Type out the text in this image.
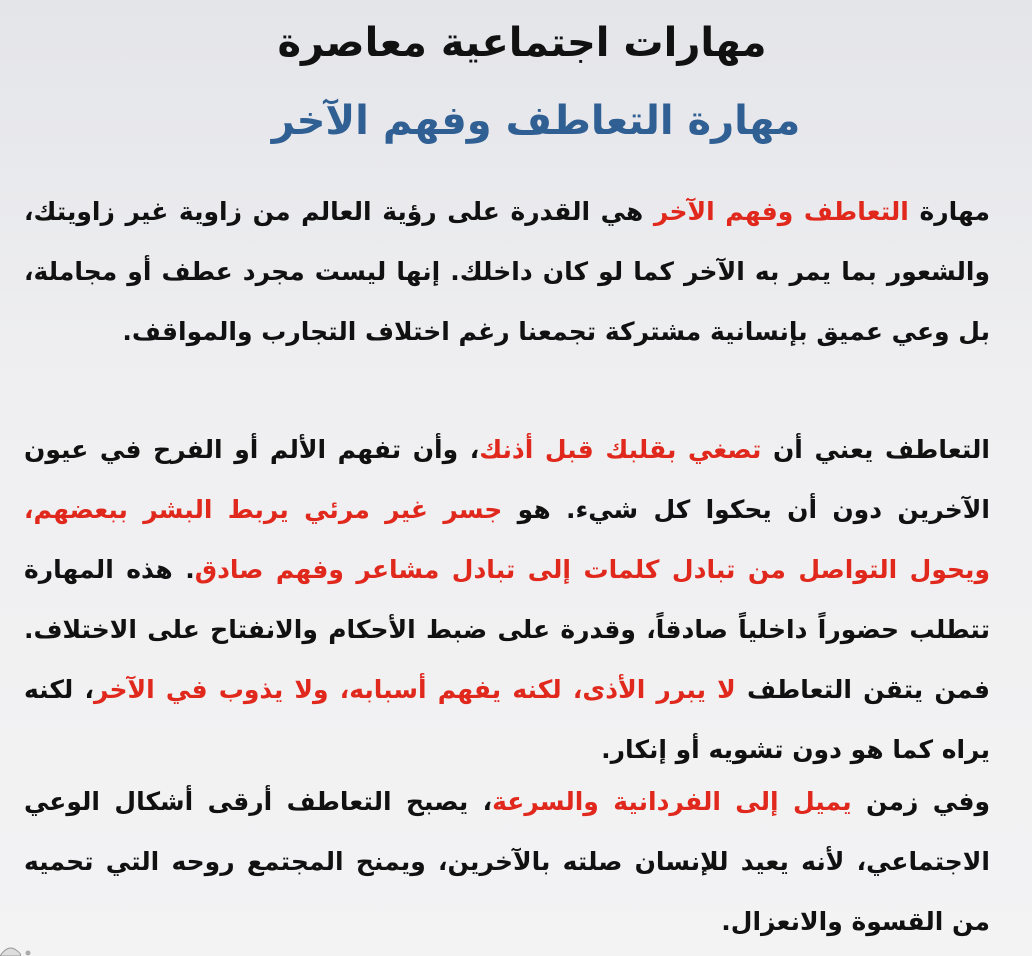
مهارات اجتماعية معاصرة
مهارة التعاطف وفهم الآخر

مهارة التعاطف وفهم الآخر هي القدرة على رؤية العالم من زاوية غير زاويتك، والشعور بما يمر به الآخر كما لو كان داخلك. إنها ليست مجرد عطف أو مجاملة، بل وعي عميق بإنسانية مشتركة تجمعنا رغم اختلاف التجارب والمواقف.

التعاطف يعني أن تصغي بقلبك قبل أذنك، وأن تفهم الألم أو الفرح في عيون الآخرين دون أن يحكوا كل شيء. هو جسر غير مرئي يربط البشر ببعضهم، ويحول التواصل من تبادل كلمات إلى تبادل مشاعر وفهم صادق. هذه المهارة تتطلب حضوراً داخلياً صادقاً، وقدرة على ضبط الأحكام والانفتاح على الاختلاف. فمن يتقن التعاطف لا يبرر الأذى، لكنه يفهم أسبابه، ولا يذوب في الآخر، لكنه يراه كما هو دون تشويه أو إنكار.

وفي زمن يميل إلى الفردانية والسرعة، يصبح التعاطف أرقى أشكال الوعي الاجتماعي، لأنه يعيد للإنسان صلته بالآخرين، ويمنح المجتمع روحه التي تحميه من القسوة والانعزال.
